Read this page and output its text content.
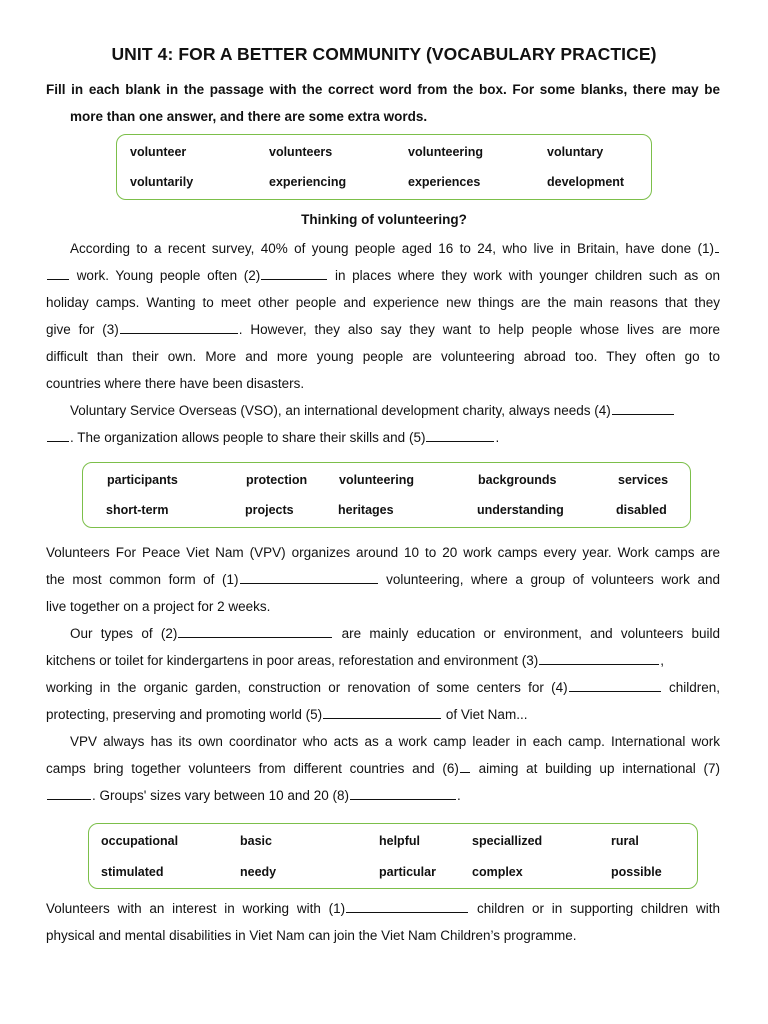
UNIT 4: FOR A BETTER COMMUNITY (VOCABULARY PRACTICE)
Fill in each blank in the passage with the correct word from the box. For some blanks, there may be
more than one answer, and there are some extra words.
volunteer	volunteers	volunteering	voluntary
voluntarily	experiencing	experiences	development
Thinking of volunteering?
According to a recent survey, 40% of young people aged 16 to 24, who live in Britain, have done (1)
work. Young people often (2)	in places where they work with younger children such as on
holiday camps. Wanting to meet other people and experience new things are the main reasons that they
give for (3)	. However, they also say they want to help people whose lives are more
difficult than their own. More and more young people are volunteering abroad too. They often go to
countries where there have been disasters.
Voluntary Service Overseas (VSO), an international development charity, always needs (4)
. The organization allows people to share their skills and (5)	.
participants	protection	volunteering	backgrounds	services
short-term	projects	heritages	understanding	disabled
Volunteers For Peace Viet Nam (VPV) organizes around 10 to 20 work camps every year. Work camps are
the most common form of (1)	volunteering, where a group of volunteers work and
live together on a project for 2 weeks.
Our types of (2)	are mainly education or environment, and volunteers build
kitchens or toilet for kindergartens in poor areas, reforestation and environment (3)	,
working in the organic garden, construction or renovation of some centers for (4)	children,
protecting, preserving and promoting world (5)	of Viet Nam...
VPV always has its own coordinator who acts as a work camp leader in each camp. International work
camps bring together volunteers from different countries and (6) aiming at building up international (7)
. Groups' sizes vary between 10 and 20 (8)	.
occupational	basic	helpful	speciallized	rural
stimulated	needy	particular	complex	possible
Volunteers with an interest in working with (1)	children or in supporting children with
physical and mental disabilities in Viet Nam can join the Viet Nam Children’s programme.
